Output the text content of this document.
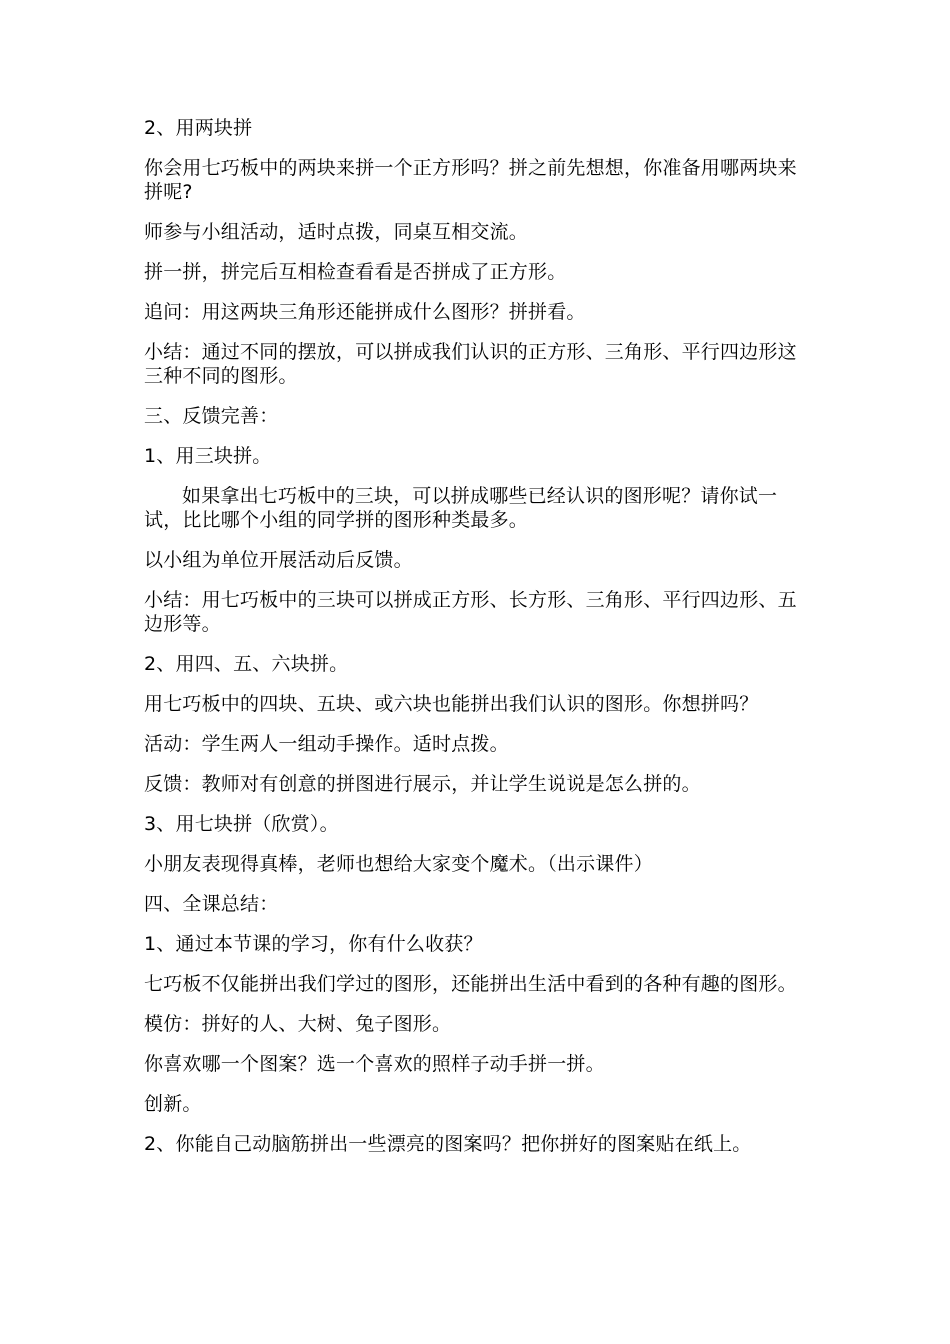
2、用两块拼

你会用七巧板中的两块来拼一个正方形吗？拼之前先想想，你准备用哪两块来拼呢?

师参与小组活动，适时点拨，同桌互相交流。

拼一拼，拼完后互相检查看看是否拼成了正方形。

追问：用这两块三角形还能拼成什么图形？拼拼看。

小结：通过不同的摆放，可以拼成我们认识的正方形、三角形、平行四边形这三种不同的图形。

三、反馈完善：

1、用三块拼。

如果拿出七巧板中的三块，可以拼成哪些已经认识的图形呢？请你试一试，比比哪个小组的同学拼的图形种类最多。

以小组为单位开展活动后反馈。

小结：用七巧板中的三块可以拼成正方形、长方形、三角形、平行四边形、五边形等。

2、用四、五、六块拼。

用七巧板中的四块、五块、或六块也能拼出我们认识的图形。你想拼吗？

活动：学生两人一组动手操作。适时点拨。

反馈：教师对有创意的拼图进行展示，并让学生说说是怎么拼的。

3、用七块拼（欣赏）。

小朋友表现得真棒，老师也想给大家变个魔术。（出示课件）

四、全课总结：

1、通过本节课的学习，你有什么收获？

七巧板不仅能拼出我们学过的图形，还能拼出生活中看到的各种有趣的图形。

模仿：拼好的人、大树、兔子图形。

你喜欢哪一个图案？选一个喜欢的照样子动手拼一拼。

创新。

2、你能自己动脑筋拼出一些漂亮的图案吗？把你拼好的图案贴在纸上。
